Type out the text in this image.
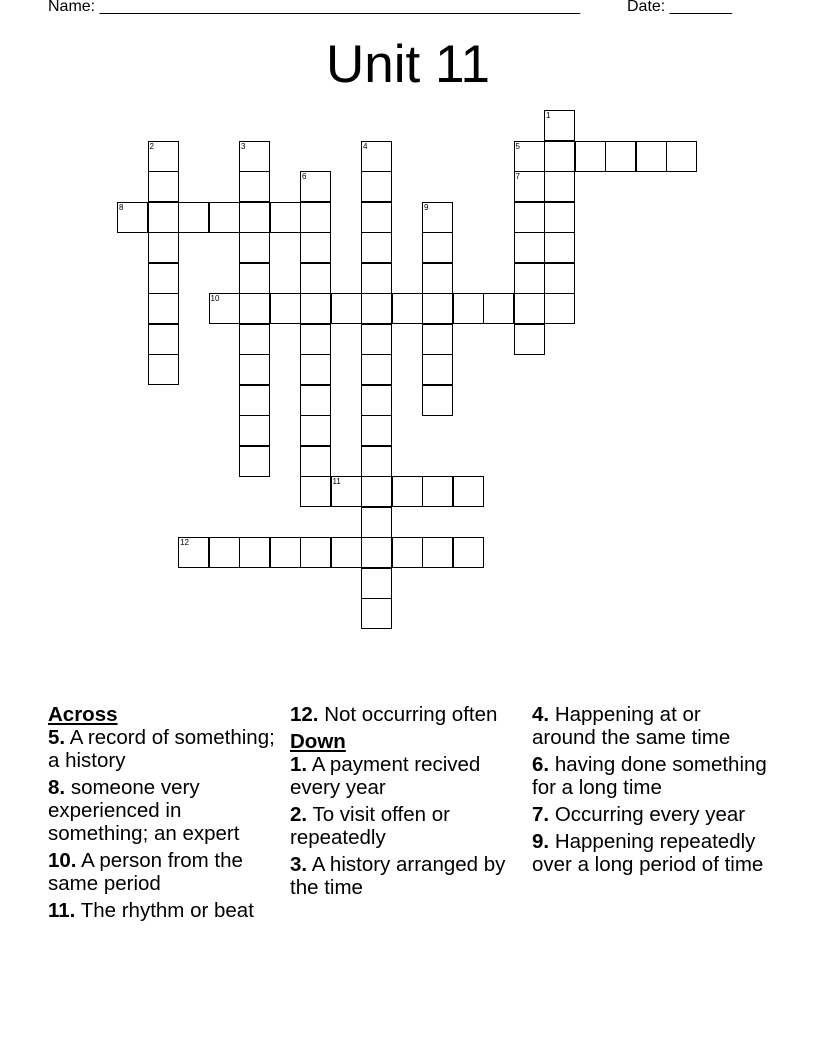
Name: ______________________________________________________	Date: _______
Unit 11
1
2	3	4	5
6	7
8	9
10
11
12
Across
5. A record of something; a history
8. someone very experienced in something; an expert
10. A person from the same period
11. The rhythm or beat
12. Not occurring often
Down
1. A payment recived every year
2. To visit offen or repeatedly
3. A history arranged by the time
4. Happening at or around the same time
6. having done something for a long time
7. Occurring every year
9. Happening repeatedly over a long period of time
